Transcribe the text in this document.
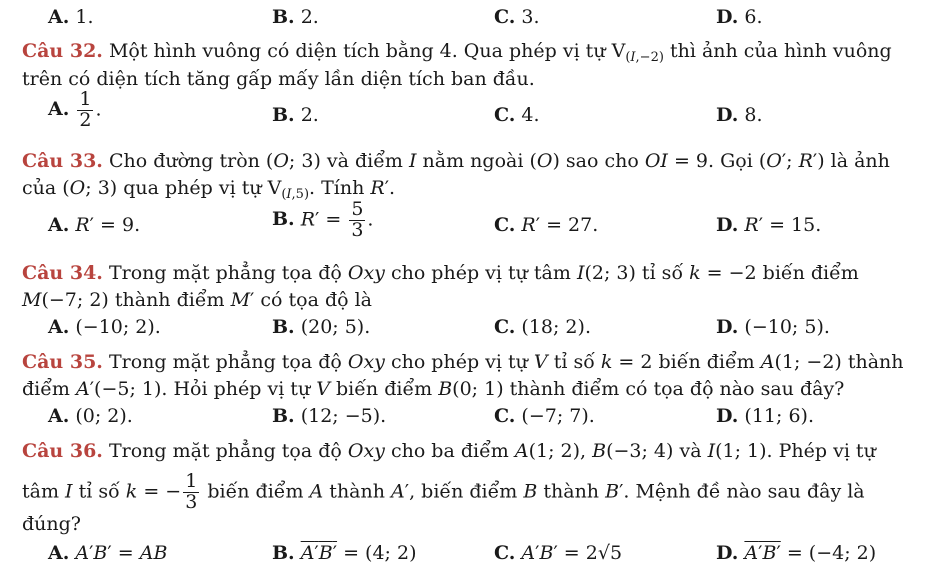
A. 1.	B. 2.	C. 3.	D. 6.
Câu 32. Một hình vuông có diện tích bằng 4. Qua phép vị tự $V_{(I,-2)}$ thì ảnh của hình vuông
trên có diện tích tăng gấp mấy lần diện tích ban đầu.
A. $\frac{1}{2}$ .	B. 2.	C. 4.	D. 8.
Câu 33. Cho đường tròn (O; 3) và điểm I nằm ngoài (O) sao cho OI = 9. Gọi (O′; R′) là ảnh
của (O; 3) qua phép vị tự $V_{(I,5)}$. Tính R′.
A. R′ = 9.	B. $R' = \frac{5}{3}$ .	C. R′ = 27.	D. R′ = 15.
Câu 34. Trong mặt phẳng tọa độ Oxy cho phép vị tự tâm I(2; 3) tỉ số k = −2 biến điểm
M(−7; 2) thành điểm M′ có tọa độ là
A. (−10; 2).	B. (20; 5).	C. (18; 2).	D. (−10; 5).
Câu 35. Trong mặt phẳng tọa độ Oxy cho phép vị tự V tỉ số k = 2 biến điểm A(1; −2) thành
điểm A′(−5; 1). Hỏi phép vị tự V biến điểm B(0; 1) thành điểm có tọa độ nào sau đây?
A. (0; 2).	B. (12; −5).	C. (−7; 7).	D. (11; 6).
Câu 36. Trong mặt phẳng tọa độ Oxy cho ba điểm A(1; 2), B(−3; 4) và I(1; 1). Phép vị tự
tâm I tỉ số k = − $\frac{1}{3}$ biến điểm A thành A′, biến điểm B thành B′. Mệnh đề nào sau đây là
đúng?
A. A′B′ = AB	B. A′B′ = (4; 2)	C. A′B′ = 2√5	D. A′B′ = (−4; 2)
